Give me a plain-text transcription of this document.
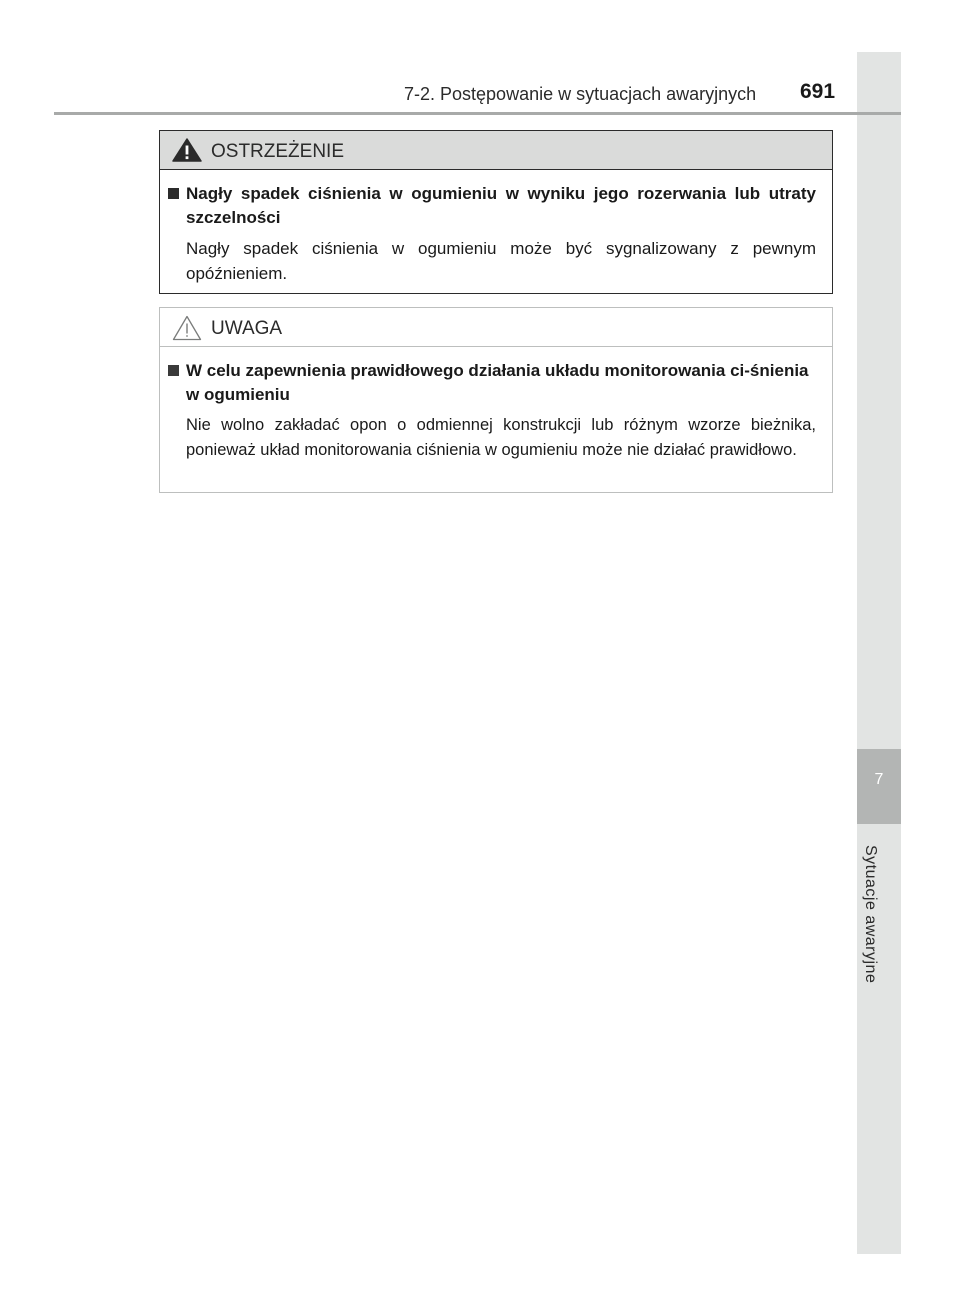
7
Sytuacje awaryjne
7-2. Postępowanie w sytuacjach awaryjnych 691
OSTRZEŻENIE
Nagły spadek ciśnienia w ogumieniu w wyniku jego rozerwania lub utraty szczelności
Nagły spadek ciśnienia w ogumieniu może być sygnalizowany z pewnym opóźnieniem.
UWAGA
W celu zapewnienia prawidłowego działania układu monitorowania ci-śnienia w ogumieniu
Nie wolno zakładać opon o odmiennej konstrukcji lub różnym wzorze bieżnika, ponieważ układ monitorowania ciśnienia w ogumieniu może nie działać prawidłowo.
